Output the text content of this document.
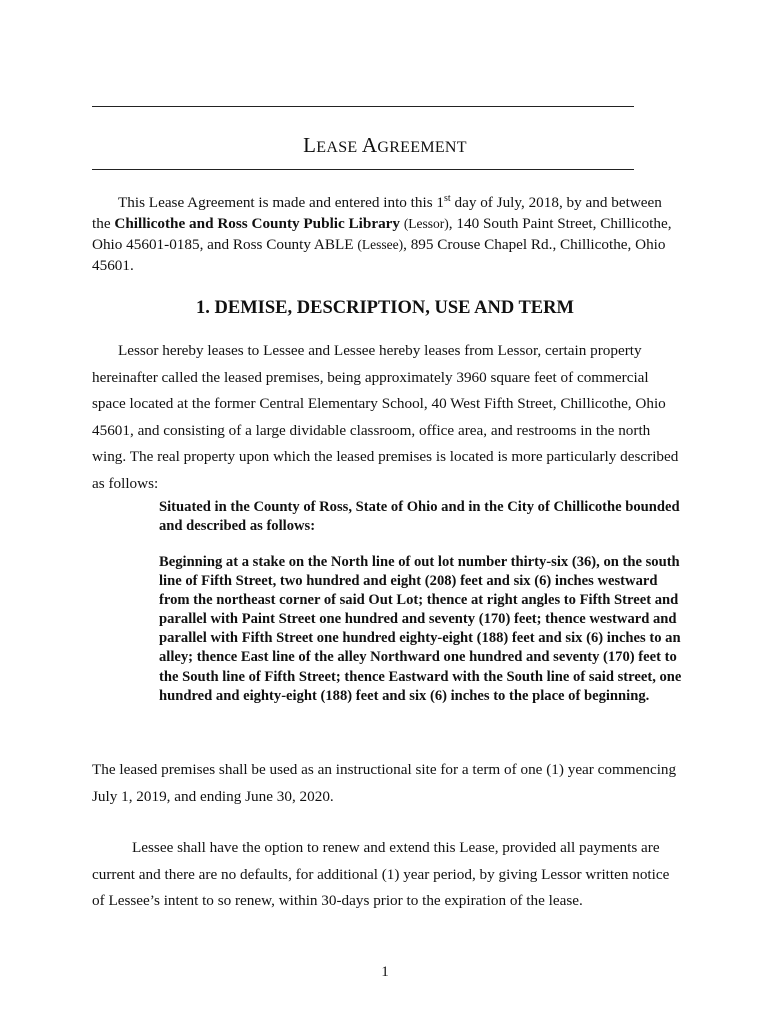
LEASE AGREEMENT
This Lease Agreement is made and entered into this 1st day of July, 2018, by and between the Chillicothe and Ross County Public Library (Lessor), 140 South Paint Street, Chillicothe, Ohio 45601-0185, and Ross County ABLE (Lessee), 895 Crouse Chapel Rd., Chillicothe, Ohio 45601.
1. DEMISE, DESCRIPTION, USE AND TERM
Lessor hereby leases to Lessee and Lessee hereby leases from Lessor, certain property hereinafter called the leased premises, being approximately 3960 square feet of commercial space located at the former Central Elementary School, 40 West Fifth Street, Chillicothe, Ohio 45601, and consisting of a large dividable classroom, office area, and restrooms in the north wing. The real property upon which the leased premises is located is more particularly described as follows:
Situated in the County of Ross, State of Ohio and in the City of Chillicothe bounded and described as follows:
Beginning at a stake on the North line of out lot number thirty-six (36), on the south line of Fifth Street, two hundred and eight (208) feet and six (6) inches westward from the northeast corner of said Out Lot; thence at right angles to Fifth Street and parallel with Paint Street one hundred and seventy (170) feet; thence westward and parallel with Fifth Street one hundred eighty-eight (188) feet and six (6) inches to an alley; thence East line of the alley Northward one hundred and seventy (170) feet to the South line of Fifth Street; thence Eastward with the South line of said street, one hundred and eighty-eight (188) feet and six (6) inches to the place of beginning.
The leased premises shall be used as an instructional site for a term of one (1) year commencing July 1, 2019, and ending June 30, 2020.
Lessee shall have the option to renew and extend this Lease, provided all payments are current and there are no defaults, for additional (1) year period, by giving Lessor written notice of Lessee’s intent to so renew, within 30-days prior to the expiration of the lease.
1
